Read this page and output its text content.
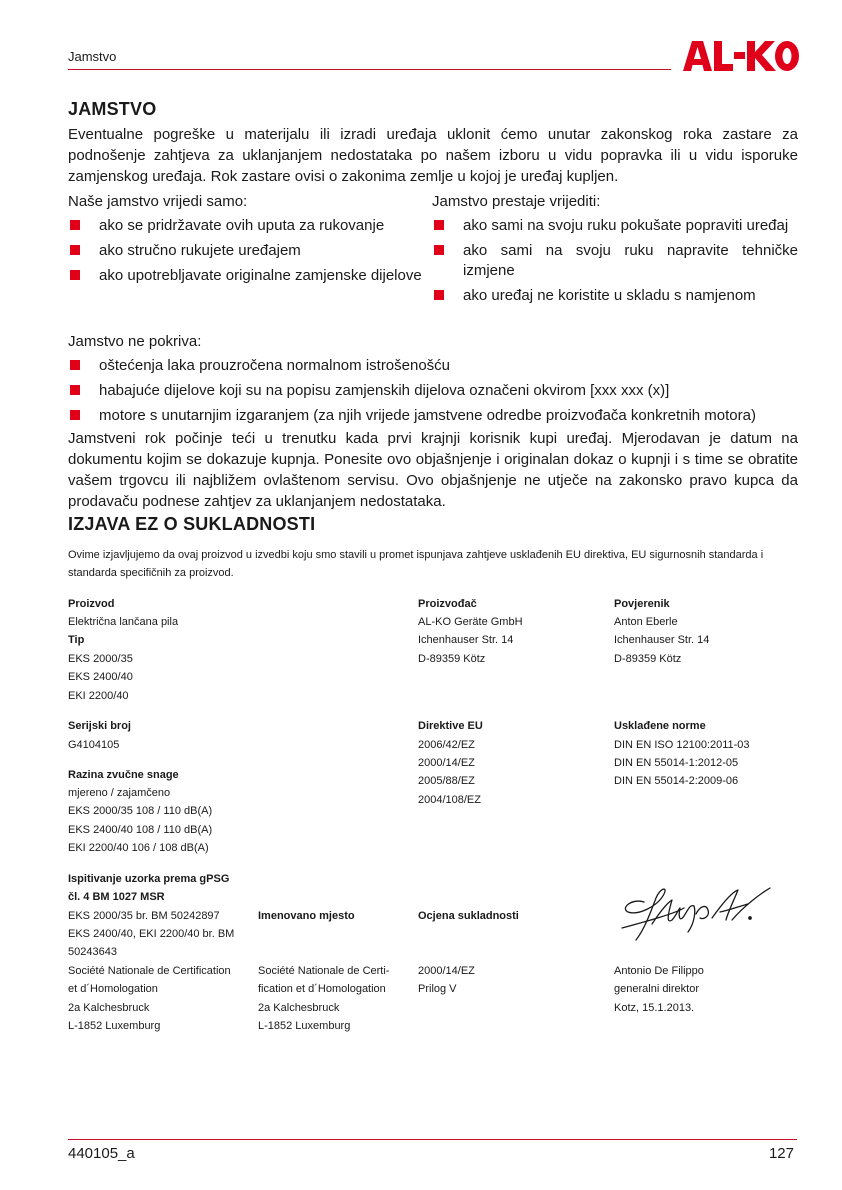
Jamstvo
JAMSTVO
Eventualne pogreške u materijalu ili izradi uređaja uklonit ćemo unutar zakonskog roka zastare za podnošenje zahtjeva za uklanjanjem nedostataka po našem izboru u vidu popravka ili u vidu isporuke zamjenskog uređaja. Rok zastare ovisi o zakonima zemlje u kojoj je uređaj kupljen.
Naše jamstvo vrijedi samo:
ako se pridržavate ovih uputa za rukovanje
ako stručno rukujete uređajem
ako upotrebljavate originalne zamjenske dijelove
Jamstvo prestaje vrijediti:
ako sami na svoju ruku pokušate popraviti uređaj
ako sami na svoju ruku napravite tehničke izmjene
ako uređaj ne koristite u skladu s namjenom
Jamstvo ne pokriva:
oštećenja laka prouzročena normalnom istrošenošću
habajuće dijelove koji su na popisu zamjenskih dijelova označeni okvirom [xxx xxx (x)]
motore s unutarnjim izgaranjem (za njih vrijede jamstvene odredbe proizvođača konkretnih motora)
Jamstveni rok počinje teći u trenutku kada prvi krajnji korisnik kupi uređaj. Mjerodavan je datum na dokumentu kojim se dokazuje kupnja. Ponesite ovo objašnjenje i originalan dokaz o kupnji i s time se obratite vašem trgovcu ili najbližem ovlaštenom servisu. Ovo objašnjenje ne utječe na zakonsko pravo kupca da prodavaču podnese zahtjev za uklanjanjem nedostataka.
IZJAVA EZ O SUKLADNOSTI
Ovime izjavljujemo da ovaj proizvod u izvedbi koju smo stavili u promet ispunjava zahtjeve usklađenih EU direktiva, EU sigurnosnih standarda i standarda specifičnih za proizvod.
Proizvod
Električna lančana pila
Tip
EKS 2000/35
EKS 2400/40
EKI 2200/40
Serijski broj
G4104105
Razina zvučne snage
mjereno / zajamčeno
EKS 2000/35 108 / 110 dB(A)
EKS 2400/40 108 / 110 dB(A)
EKI 2200/40 106 / 108 dB(A)
Ispitivanje uzorka prema gPSG
čl. 4 BM 1027 MSR
EKS 2000/35 br. BM 50242897
EKS 2400/40, EKI 2200/40 br. BM
50243643
Société Nationale de Certification
et d´Homologation
2a Kalchesbruck
L-1852 Luxemburg
Imenovano mjesto
Société Nationale de Certi-
fication et d´Homologation
2a Kalchesbruck
L-1852 Luxemburg
Proizvođač
AL-KO Geräte GmbH
Ichenhauser Str. 14
D-89359 Kötz
Direktive EU
2006/42/EZ
2000/14/EZ
2005/88/EZ
2004/108/EZ
Ocjena sukladnosti
2000/14/EZ
Prilog V
Povjerenik
Anton Eberle
Ichenhauser Str. 14
D-89359 Kötz
Usklađene norme
DIN EN ISO 12100:2011-03
DIN EN 55014-1:2012-05
DIN EN 55014-2:2009-06
Antonio De Filippo
generalni direktor
Kotz, 15.1.2013.
440105_a	127
